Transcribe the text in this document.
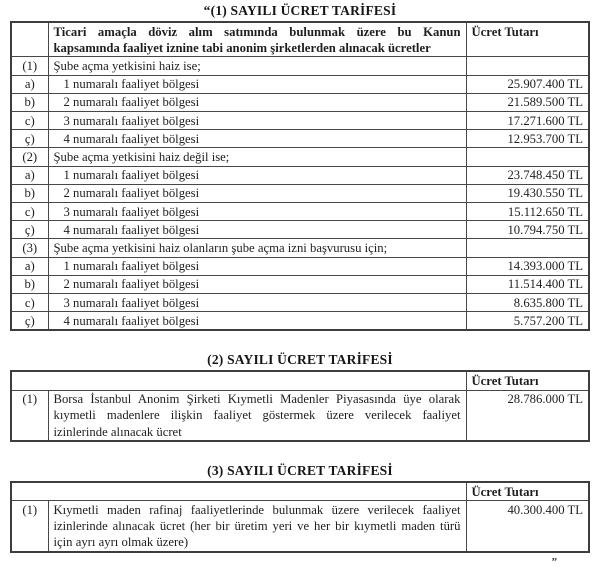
“(1) SAYILI ÜCRET TARİFESİ
	Ticari amaçla döviz alım satımında bulunmak üzere bu Kanun kapsamında faaliyet iznine tabi anonim şirketlerden alınacak ücretler	Ücret Tutarı
(1)	Şube açma yetkisini haiz ise;	
a)	1 numaralı faaliyet bölgesi	25.907.400 TL
b)	2 numaralı faaliyet bölgesi	21.589.500 TL
c)	3 numaralı faaliyet bölgesi	17.271.600 TL
ç)	4 numaralı faaliyet bölgesi	12.953.700 TL
(2)	Şube açma yetkisini haiz değil ise;	
a)	1 numaralı faaliyet bölgesi	23.748.450 TL
b)	2 numaralı faaliyet bölgesi	19.430.550 TL
c)	3 numaralı faaliyet bölgesi	15.112.650 TL
ç)	4 numaralı faaliyet bölgesi	10.794.750 TL
(3)	Şube açma yetkisini haiz olanların şube açma izni başvurusu için;	
a)	1 numaralı faaliyet bölgesi	14.393.000 TL
b)	2 numaralı faaliyet bölgesi	11.514.400 TL
c)	3 numaralı faaliyet bölgesi	8.635.800 TL
ç)	4 numaralı faaliyet bölgesi	5.757.200 TL
(2) SAYILI ÜCRET TARİFESİ
		Ücret Tutarı
(1)	Borsa İstanbul Anonim Şirketi Kıymetli Madenler Piyasasında üye olarak kıymetli madenlere ilişkin faaliyet göstermek üzere verilecek faaliyet izinlerinde alınacak ücret	28.786.000 TL
(3) SAYILI ÜCRET TARİFESİ
		Ücret Tutarı
(1)	Kıymetli maden rafinaj faaliyetlerinde bulunmak üzere verilecek faaliyet izinlerinde alınacak ücret (her bir üretim yeri ve her bir kıymetli maden türü için ayrı ayrı olmak üzere)	40.300.400 TL
”
